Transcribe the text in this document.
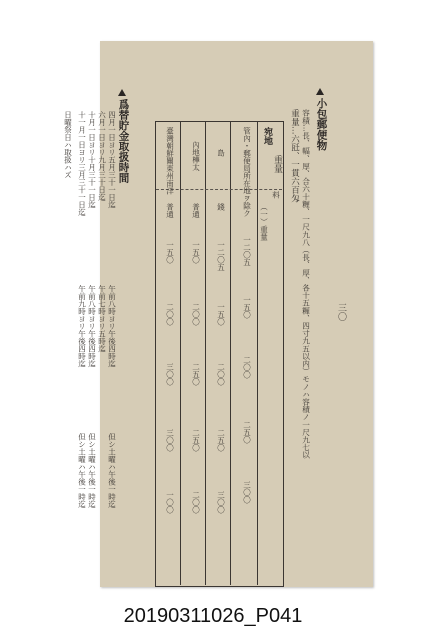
小包郵便物
容積…長、幅、厚、合六十糎、一尺九八（長、厚、各十五糎、四寸九五以内）モノハ容積ノ一尺九七以
重量…六瓩、一貫六百匁
宛地
重量
料
管內・郵便局所在地ヲ除ク
（一）重量
一二〇五
一五〇
二〇〇
二五〇
三〇〇
島
錢
一二〇五
一五〇
二〇〇
二五〇
三〇〇
內地樺太
普通
一五〇
二〇〇
二五〇
二五〇
二〇〇
臺灣朝鮮關東州南洋
普通
一五〇
二〇〇
三〇〇
三〇〇
一〇〇
爲替貯金取扱時間
四月一日ヨリ五月三十一日迄
六月一日ヨリ九月三十日迄
十月一日ヨリ十月三十一日迄
十一月一日ヨリ三月三十一日迄
午前八時ヨリ午後四時迄
午前七時ヨリ五時迄
午前八時ヨリ午後四時迄
午前九時ヨリ午後四時迄
但シ土曜ハ午後一時迄
但シ土曜ハ午後一時迄
但シ土曜ハ午後一時迄
日曜祭日ハ取扱ハズ
三〇
20190311026_P041
